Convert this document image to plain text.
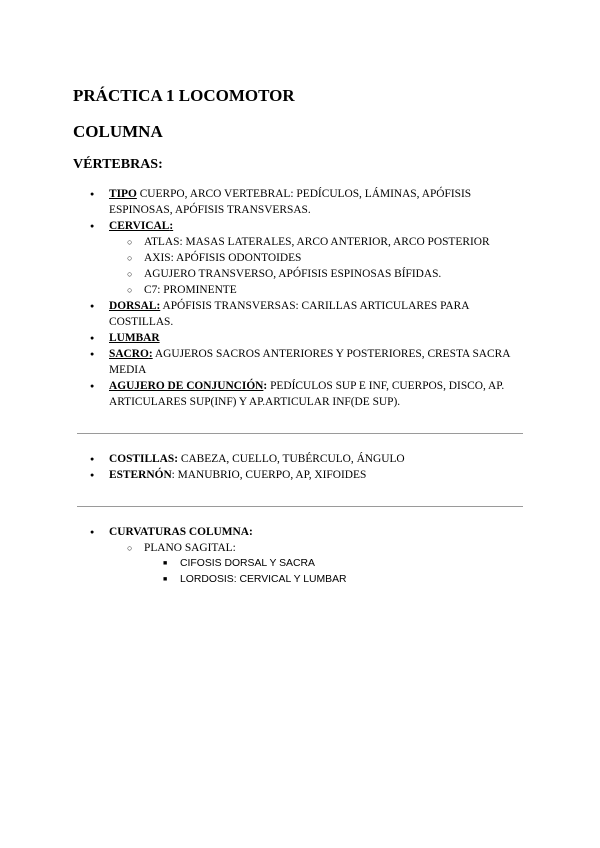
PRÁCTICA 1 LOCOMOTOR
COLUMNA
VÉRTEBRAS:
● TIPO CUERPO, ARCO VERTEBRAL: PEDÍCULOS, LÁMINAS, APÓFISIS ESPINOSAS, APÓFISIS TRANSVERSAS.
● CERVICAL:
○ ATLAS: MASAS LATERALES, ARCO ANTERIOR, ARCO POSTERIOR
○ AXIS: APÓFISIS ODONTOIDES
○ AGUJERO TRANSVERSO, APÓFISIS ESPINOSAS BÍFIDAS.
○ C7: PROMINENTE
● DORSAL: APÓFISIS TRANSVERSAS: CARILLAS ARTICULARES PARA COSTILLAS.
● LUMBAR
● SACRO: AGUJEROS SACROS ANTERIORES Y POSTERIORES, CRESTA SACRA MEDIA
● AGUJERO DE CONJUNCIÓN: PEDÍCULOS SUP E INF, CUERPOS, DISCO, AP. ARTICULARES SUP(INF) Y AP.ARTICULAR INF(DE SUP).
● COSTILLAS: CABEZA, CUELLO, TUBÉRCULO, ÁNGULO
● ESTERNÓN: MANUBRIO, CUERPO, AP, XIFOIDES
● CURVATURAS COLUMNA:
○ PLANO SAGITAL:
■ CIFOSIS DORSAL Y SACRA
■ LORDOSIS: CERVICAL Y LUMBAR
